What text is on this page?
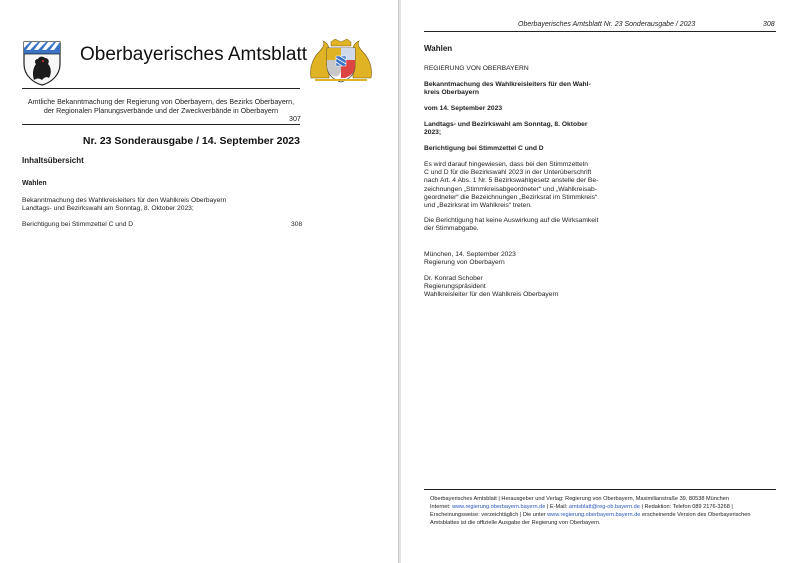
Oberbayerisches Amtsblatt
Amtliche Bekanntmachung der Regierung von Oberbayern, des Bezirks Oberbayern,
der Regionalen Planungsverbände und der Zweckverbände in Oberbayern
307
Nr. 23 Sonderausgabe / 14. September 2023
Inhaltsübersicht
Wahlen
Bekanntmachung des Wahlkreisleiters für den Wahlkreis Oberbayern
Landtags- und Bezirkswahl am Sonntag, 8. Oktober 2023;
Berichtigung bei Stimmzettel C und D	308
Oberbayerisches Amtsblatt Nr. 23 Sonderausgabe / 2023	308
Wahlen
REGIERUNG VON OBERBAYERN
Bekanntmachung des Wahlkreisleiters für den Wahl-
kreis Oberbayern
vom 14. September 2023
Landtags- und Bezirkswahl am Sonntag, 8. Oktober
2023;
Berichtigung bei Stimmzettel C und D
Es wird darauf hingewiesen, dass bei den Stimmzetteln
C und D für die Bezirkswahl 2023 in der Unterüberschrift
nach Art. 4 Abs. 1 Nr. 5 Bezirkswahlgesetz anstelle der Be-
zeichnungen „Stimmkreisabgeordneter“ und „Wahlkreisab-
geordneter“ die Bezeichnungen „Bezirksrat im Stimmkreis“
und „Bezirksrat im Wahlkreis“ treten.
Die Berichtigung hat keine Auswirkung auf die Wirksamkeit
der Stimmabgabe.
München, 14. September 2023
Regierung von Oberbayern
Dr. Konrad Schober
Regierungspräsident
Wahlkreisleiter für den Wahlkreis Oberbayern
Oberbayerisches Amtsblatt | Herausgeber und Verlag: Regierung von Oberbayern, Maximilianstraße 39, 80538 München
Internet: www.regierung.oberbayern.bayern.de | E-Mail: amtsblatt@reg-ob.bayern.de | Redaktion: Telefon 089 2176-3268 |
Erscheinungsweise: verzeichtäglich | Die unter www.regierung.oberbayern.bayern.de erscheinende Version des Oberbayerischen
Amtsblattes ist die offizielle Ausgabe der Regierung von Oberbayern.
